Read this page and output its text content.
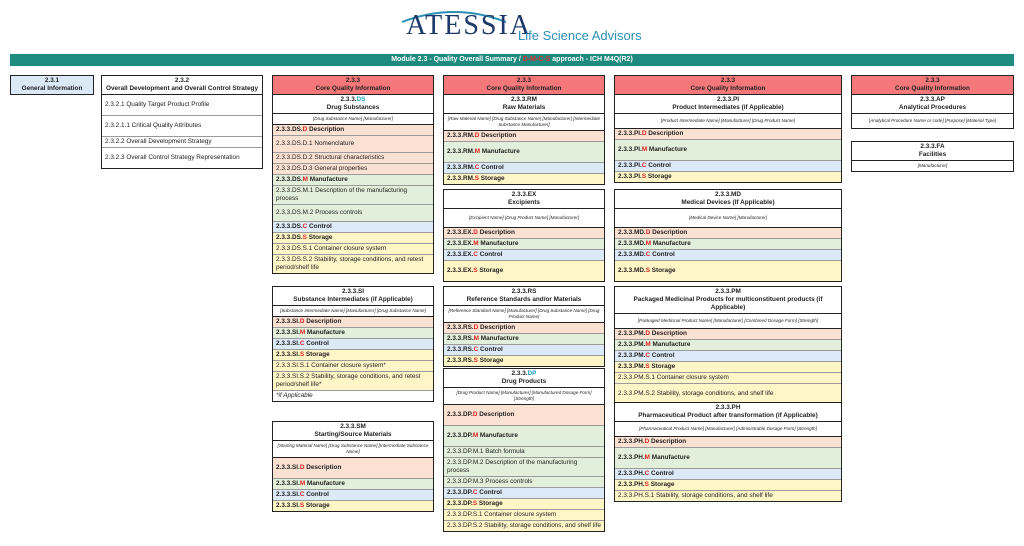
ATESSIA
Life Science Advisors
Module 2.3 - Quality Overall Summary / D-M-C-S approach - ICH M4Q(R2)
2.3.1
General Information
2.3.2
Overall Development and Overall Control Strategy
2.3.2.1 Quality Target Product Profile
2.3.2.1.1 Critical Quality Attributes
2.3.2.2 Overall Development Strategy
2.3.2.3 Overall Control Strategy Representation
2.3.3
Core Quality Information
2.3.3.DS
Drug Substances
[Drug Substance Name] [Manufacturer]
2.3.3.DS.D Description
2.3.3.DS.D.1 Nomenclature
2.3.3.DS.D.2 Structural characteristics
2.3.3.DS.D.3 General properties
2.3.3.DS.M Manufacture
2.3.3.DS.M.1 Description of the manufacturing process
2.3.3.DS.M.2 Process controls
2.3.3.DS.C Control
2.3.3.DS.S Storage
2.3.3.DS.S.1 Container closure system
2.3.3.DS.S.2 Stability, storage conditions, and retest period/shelf life
2.3.3
Core Quality Information
2.3.3.RM
Raw Materials
[Raw Material Name] [Drug Substance Name] [Manufacturer] [Intermediate Substance Manufacturer]
2.3.3.RM.D Description
2.3.3.RM.M Manufacture
2.3.3.RM.C Control
2.3.3.RM.S Storage
2.3.3
Core Quality Information
2.3.3.PI
Product Intermediates (if Applicable)
[Product Intermediate Name] [Manufacturer] [Drug Product Name]
2.3.3.PI.D Description
2.3.3.PI.M Manufacture
2.3.3.PI.C Control
2.3.3.PI.S Storage
2.3.3
Core Quality Information
2.3.3.AP
Analytical Procedures
[Analytical Procedure Name or code] [Purpose] [Material Type]
2.3.3.FA
Facilities
[Manufacturer]
2.3.3.EX
Excipients
[Excipient Name] [Drug Product Name] [Manufacturer]
2.3.3.EX.D Description
2.3.3.EX.M Manufacture
2.3.3.EX.C Control
2.3.3.EX.S Storage
2.3.3.MD
Medical Devices (If Applicable)
[Medical Device Name] [Manufacturer]
2.3.3.MD.D Description
2.3.3.MD.M Manufacture
2.3.3.MD.C Control
2.3.3.MD.S Storage
2.3.3.SI
Substance Intermediates (if Applicable)
[Substance Intermediate Name] [Manufacturer] [Drug Substance Name]
2.3.3.SI.D Description
2.3.3.SI.M Manufacture
2.3.3.SI.C Control
2.3.3.SI.S Storage
2.3.3.SI.S.1 Container closure system*
2.3.3.SI.S.2 Stability, storage conditions, and retest period/shelf life*
*if Applicable
2.3.3.RS
Reference Standards and/or Materials
[Reference Standard Name] [Manufacturer] [Drug Substance Name] [Drug Product Name]
2.3.3.RS.D Description
2.3.3.RS.M Manufacture
2.3.3.RS.C Control
2.3.3.RS.S Storage
2.3.3.PM
Packaged Medicinal Products for multiconstituent products (if Applicable)
[Packaged Medicinal Product Name] [Manufacturer] [Combined Dosage Form] [Strength]
2.3.3.PM.D Description
2.3.3.PM.M Manufacture
2.3.3.PM.C Control
2.3.3.PM.S Storage
2.3.3.PM.S.1 Container closure system
2.3.3.PM.S.2 Stability, storage conditions, and shelf life
2.3.3.DP
Drug Products
[Drug Product Name] [Manufacturer] [Manufactured Dosage Form] [Strength]
2.3.3.DP.D Description
2.3.3.DP.M Manufacture
2.3.3.DP.M.1 Batch formula
2.3.3.DP.M.2 Description of the manufacturing process
2.3.3.DP.M.3 Process controls
2.3.3.DP.C Control
2.3.3.DP.S Storage
2.3.3.DP.S.1 Container closure system
2.3.3.DP.S.2 Stability, storage conditions, and shelf life
2.3.3.SM
Starting/Source Materials
[Starting Material Name] [Drug Substance Name] [Intermediate Substance Name]
2.3.3.SI.D Description
2.3.3.SI.M Manufacture
2.3.3.SI.C Control
2.3.3.SI.S Storage
2.3.3.PH
Pharmaceutical Product after transformation (if Applicable)
[Pharmaceutical Product Name] [Manufacturer] [Administrable Dosage Form] [Strength]
2.3.3.PH.D Description
2.3.3.PH.M Manufacture
2.3.3.PH.C Control
2.3.3.PH.S Storage
2.3.3.PH.S.1 Stability, storage conditions, and shelf life
